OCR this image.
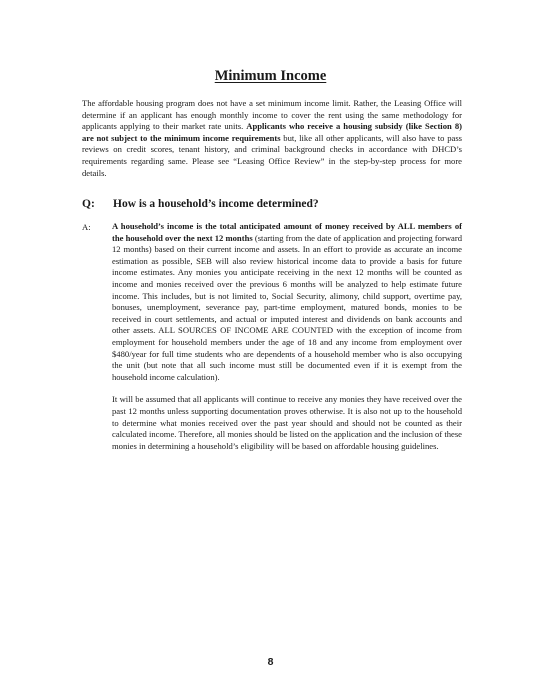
Minimum Income
The affordable housing program does not have a set minimum income limit. Rather, the Leasing Office will determine if an applicant has enough monthly income to cover the rent using the same methodology for applicants applying to their market rate units. Applicants who receive a housing subsidy (like Section 8) are not subject to the minimum income requirements but, like all other applicants, will also have to pass reviews on credit scores, tenant history, and criminal background checks in accordance with DHCD’s requirements regarding same. Please see “Leasing Office Review” in the step-by-step process for more details.
Q: How is a household’s income determined?
A: A household’s income is the total anticipated amount of money received by ALL members of the household over the next 12 months (starting from the date of application and projecting forward 12 months) based on their current income and assets. In an effort to provide as accurate an income estimation as possible, SEB will also review historical income data to provide a basis for future income estimates. Any monies you anticipate receiving in the next 12 months will be counted as income and monies received over the previous 6 months will be analyzed to help estimate future income. This includes, but is not limited to, Social Security, alimony, child support, overtime pay, bonuses, unemployment, severance pay, part-time employment, matured bonds, monies to be received in court settlements, and actual or imputed interest and dividends on bank accounts and other assets. ALL SOURCES OF INCOME ARE COUNTED with the exception of income from employment for household members under the age of 18 and any income from employment over $480/year for full time students who are dependents of a household member who is also occupying the unit (but note that all such income must still be documented even if it is exempt from the household income calculation).

It will be assumed that all applicants will continue to receive any monies they have received over the past 12 months unless supporting documentation proves otherwise. It is also not up to the household to determine what monies received over the past year should and should not be counted as their calculated income. Therefore, all monies should be listed on the application and the inclusion of these monies in determining a household’s eligibility will be based on affordable housing guidelines.

8
